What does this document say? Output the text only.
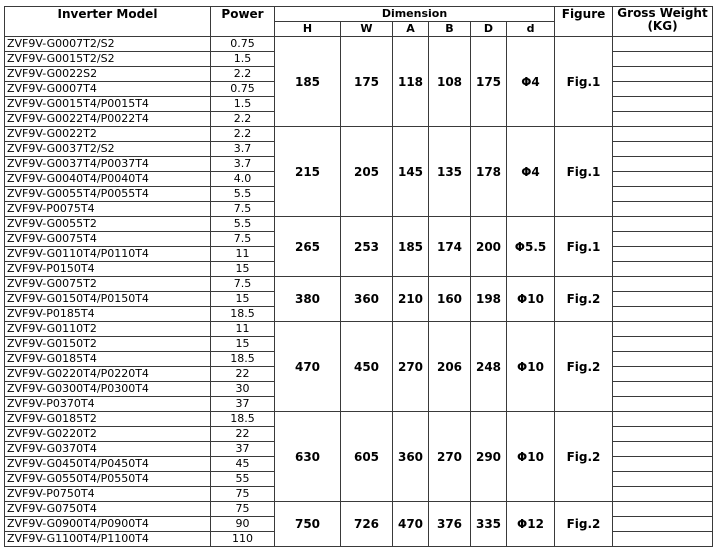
Inverter Model	Power	Dimension						Figure	Gross Weight (KG)
		H	W	A	B	D	d		
ZVF9V-G0007T2/S2	0.75	185	175	118	108	175	Φ4	Fig.1	
ZVF9V-G0015T2/S2	1.5								
ZVF9V-G0022S2	2.2								
ZVF9V-G0007T4	0.75								
ZVF9V-G0015T4/P0015T4	1.5								
ZVF9V-G0022T4/P0022T4	2.2								
ZVF9V-G0022T2	2.2	215	205	145	135	178	Φ4	Fig.1	
ZVF9V-G0037T2/S2	3.7								
ZVF9V-G0037T4/P0037T4	3.7								
ZVF9V-G0040T4/P0040T4	4.0								
ZVF9V-G0055T4/P0055T4	5.5								
ZVF9V-P0075T4	7.5								
ZVF9V-G0055T2	5.5	265	253	185	174	200	Φ5.5	Fig.1	
ZVF9V-G0075T4	7.5								
ZVF9V-G0110T4/P0110T4	11								
ZVF9V-P0150T4	15								
ZVF9V-G0075T2	7.5	380	360	210	160	198	Φ10	Fig.2	
ZVF9V-G0150T4/P0150T4	15								
ZVF9V-P0185T4	18.5								
ZVF9V-G0110T2	11	470	450	270	206	248	Φ10	Fig.2	
ZVF9V-G0150T2	15								
ZVF9V-G0185T4	18.5								
ZVF9V-G0220T4/P0220T4	22								
ZVF9V-G0300T4/P0300T4	30								
ZVF9V-P0370T4	37								
ZVF9V-G0185T2	18.5	630	605	360	270	290	Φ10	Fig.2	
ZVF9V-G0220T2	22								
ZVF9V-G0370T4	37								
ZVF9V-G0450T4/P0450T4	45								
ZVF9V-G0550T4/P0550T4	55								
ZVF9V-P0750T4	75								
ZVF9V-G0750T4	75	750	726	470	376	335	Φ12	Fig.2	
ZVF9V-G0900T4/P0900T4	90								
ZVF9V-G1100T4/P1100T4	110								
